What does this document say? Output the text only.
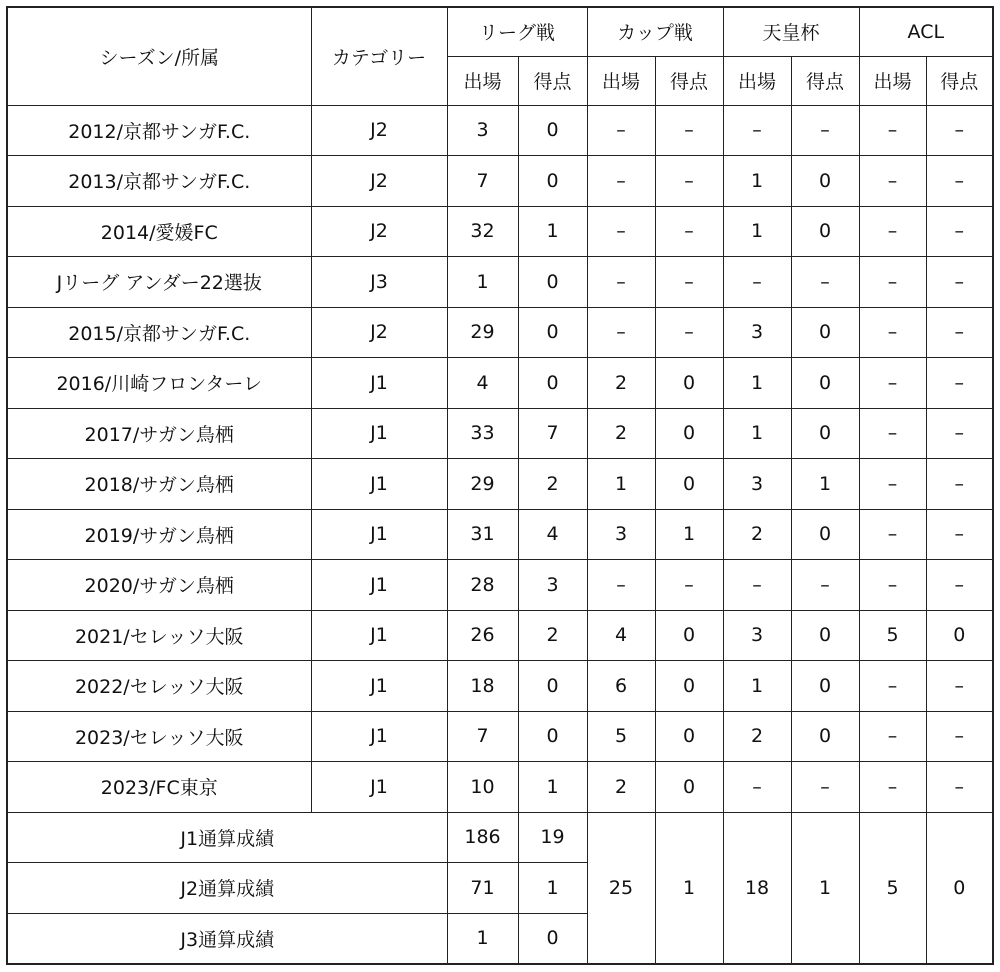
シーズン/所属	カテゴリー	リーグ戦		カップ戦		天皇杯		ACL	
		出場	得点	出場	得点	出場	得点	出場	得点
2012/京都サンガF.C.	J2	3	0	–	–	–	–	–	–
2013/京都サンガF.C.	J2	7	0	–	–	1	0	–	–
2014/愛媛FC	J2	32	1	–	–	1	0	–	–
Jリーグ アンダー22選抜	J3	1	0	–	–	–	–	–	–
2015/京都サンガF.C.	J2	29	0	–	–	3	0	–	–
2016/川崎フロンターレ	J1	4	0	2	0	1	0	–	–
2017/サガン鳥栖	J1	33	7	2	0	1	0	–	–
2018/サガン鳥栖	J1	29	2	1	0	3	1	–	–
2019/サガン鳥栖	J1	31	4	3	1	2	0	–	–
2020/サガン鳥栖	J1	28	3	–	–	–	–	–	–
2021/セレッソ大阪	J1	26	2	4	0	3	0	5	0
2022/セレッソ大阪	J1	18	0	6	0	1	0	–	–
2023/セレッソ大阪	J1	7	0	5	0	2	0	–	–
2023/FC東京	J1	10	1	2	0	–	–	–	–
J1通算成績		186	19	25	1	18	1	5	0
J2通算成績		71	1						
J3通算成績		1	0						
